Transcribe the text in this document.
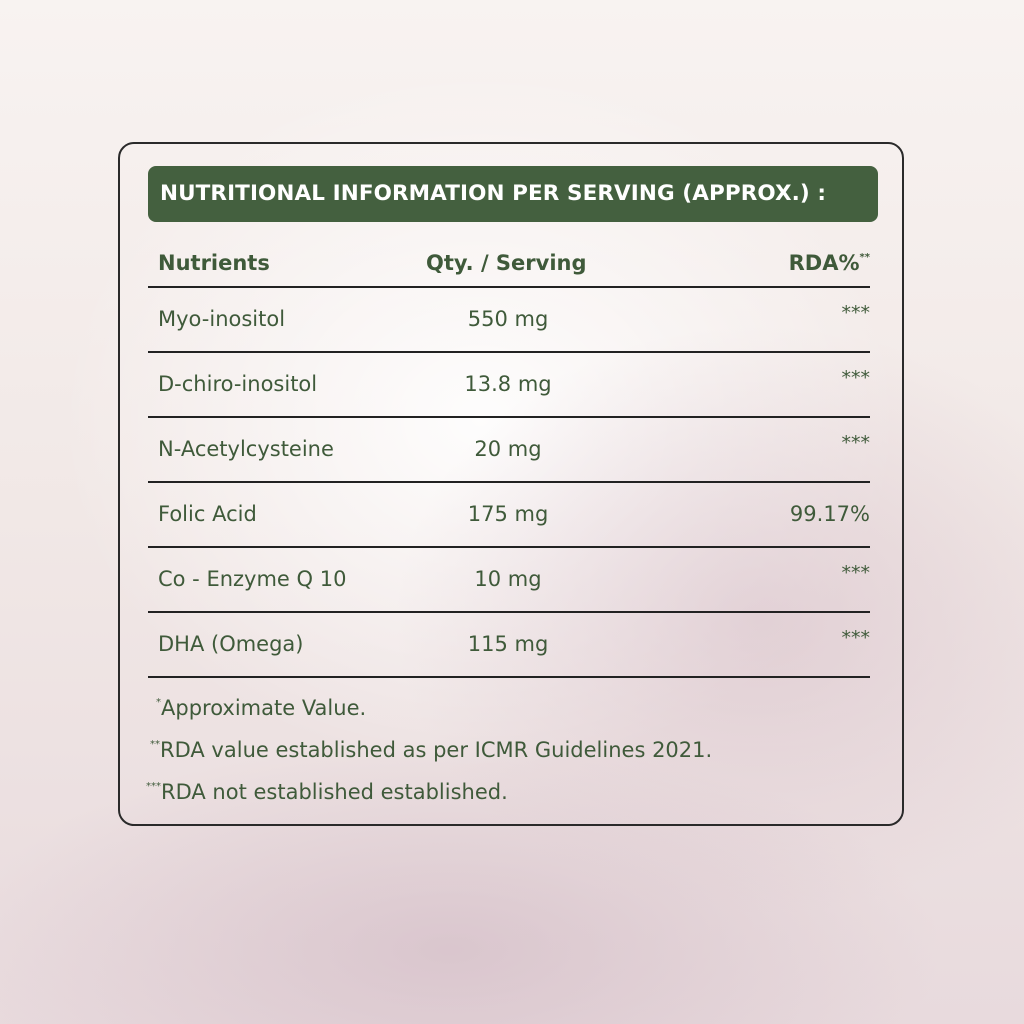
NUTRITIONAL INFORMATION PER SERVING (APPROX.) :
Nutrients	Qty. / Serving	RDA%**
Myo-inositol	550 mg	***
D-chiro-inositol	13.8 mg	***
N-Acetylcysteine	20 mg	***
Folic Acid	175 mg	99.17%
Co - Enzyme Q 10	10 mg	***
DHA (Omega)	115 mg	***
*Approximate Value.
**RDA value established as per ICMR Guidelines 2021.
***RDA not established established.
